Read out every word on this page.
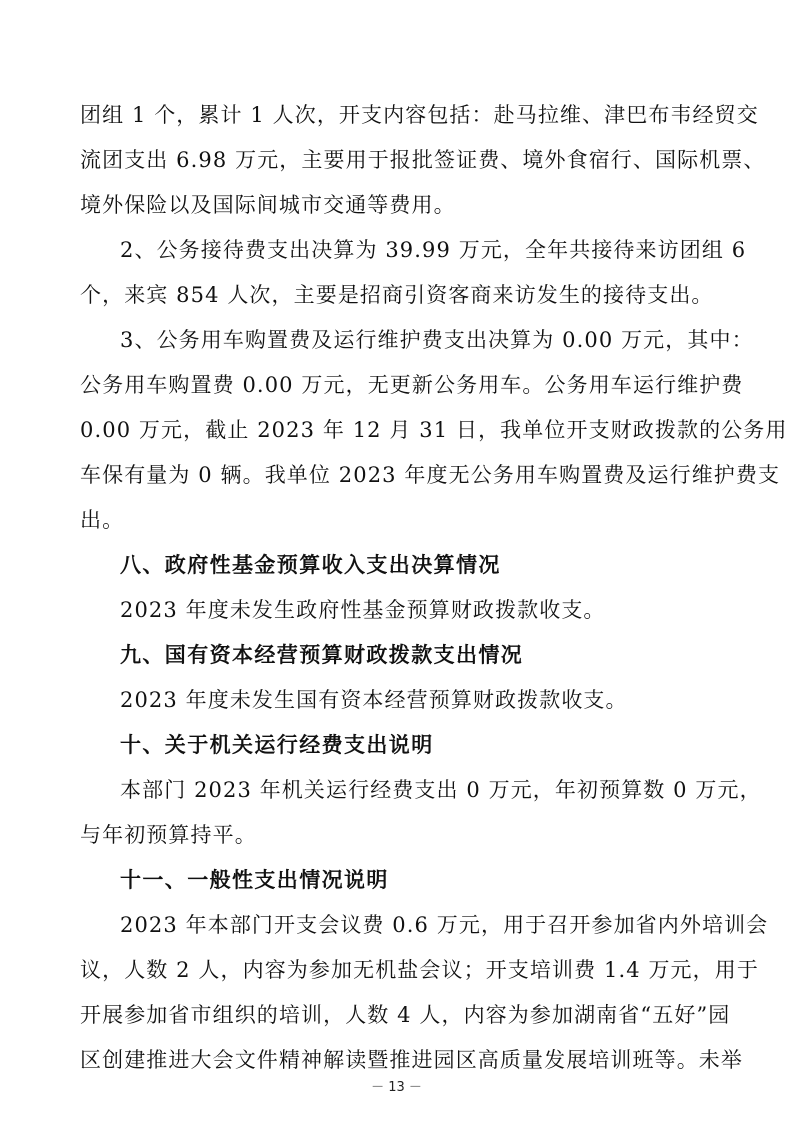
团组 1 个，累计 1 人次，开支内容包括：赴马拉维、津巴布韦经贸交
流团支出 6.98 万元，主要用于报批签证费、境外食宿行、国际机票、
境外保险以及国际间城市交通等费用。
2、公务接待费支出决算为 39.99 万元，全年共接待来访团组 6
个，来宾 854 人次，主要是招商引资客商来访发生的接待支出。
3、公务用车购置费及运行维护费支出决算为 0.00 万元，其中：
公务用车购置费 0.00 万元，无更新公务用车。公务用车运行维护费
0.00 万元，截止 2023 年 12 月 31 日，我单位开支财政拨款的公务用
车保有量为 0 辆。我单位 2023 年度无公务用车购置费及运行维护费支
出。
八、政府性基金预算收入支出决算情况
2023 年度未发生政府性基金预算财政拨款收支。
九、国有资本经营预算财政拨款支出情况
2023 年度未发生国有资本经营预算财政拨款收支。
十、关于机关运行经费支出说明
本部门 2023 年机关运行经费支出 0 万元，年初预算数 0 万元，
与年初预算持平。
十一、一般性支出情况说明
2023 年本部门开支会议费 0.6 万元，用于召开参加省内外培训会
议，人数 2 人，内容为参加无机盐会议；开支培训费 1.4 万元，用于
开展参加省市组织的培训，人数 4 人，内容为参加湖南省“五好”园
区创建推进大会文件精神解读暨推进园区高质量发展培训班等。未举
－ 13 －
